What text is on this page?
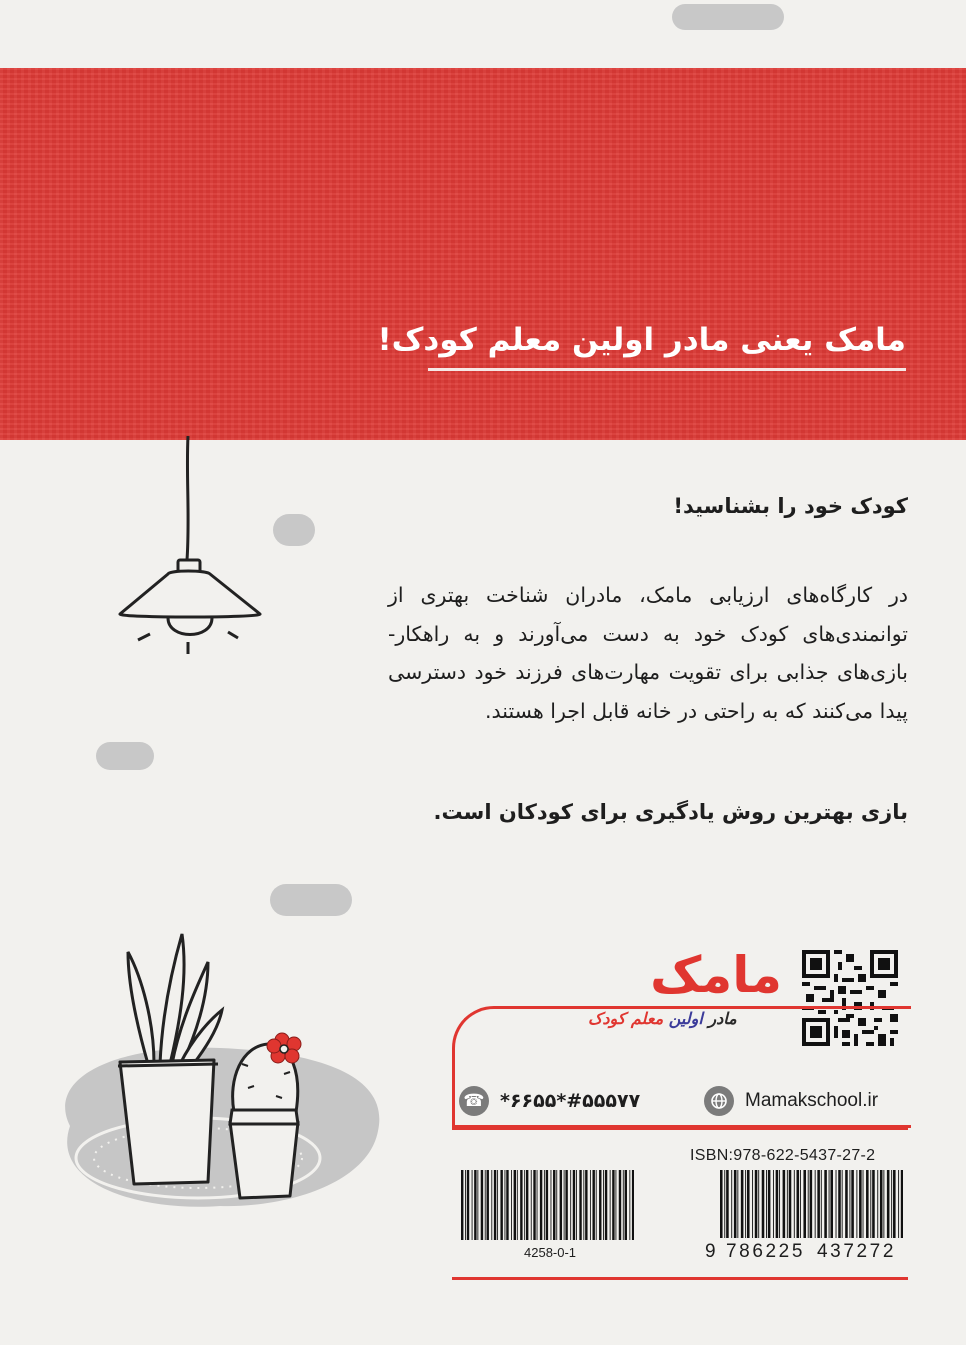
مامک یعنی مادر اولین معلم کودک!
کودک خود را بشناسید!
در کارگاه‌های ارزیابی مامک، مادران شناخت بهتری از توانمندی‌های کودک خود به دست می‌آورند و به راهکار-بازی‌های جذابی برای تقویت مهارت‌های فرزند خود دسترسی پیدا می‌کنند که به راحتی در خانه قابل اجرا هستند.
بازی بهترین روش یادگیری برای کودکان است.
مامک
مادر اولین معلم کودک
☎ #۵۵۵۷۷*۶۶۵۵*	Mamakschool.ir
ISBN:978-622-5437-27-2
4258-0-1	9 786225 437272
